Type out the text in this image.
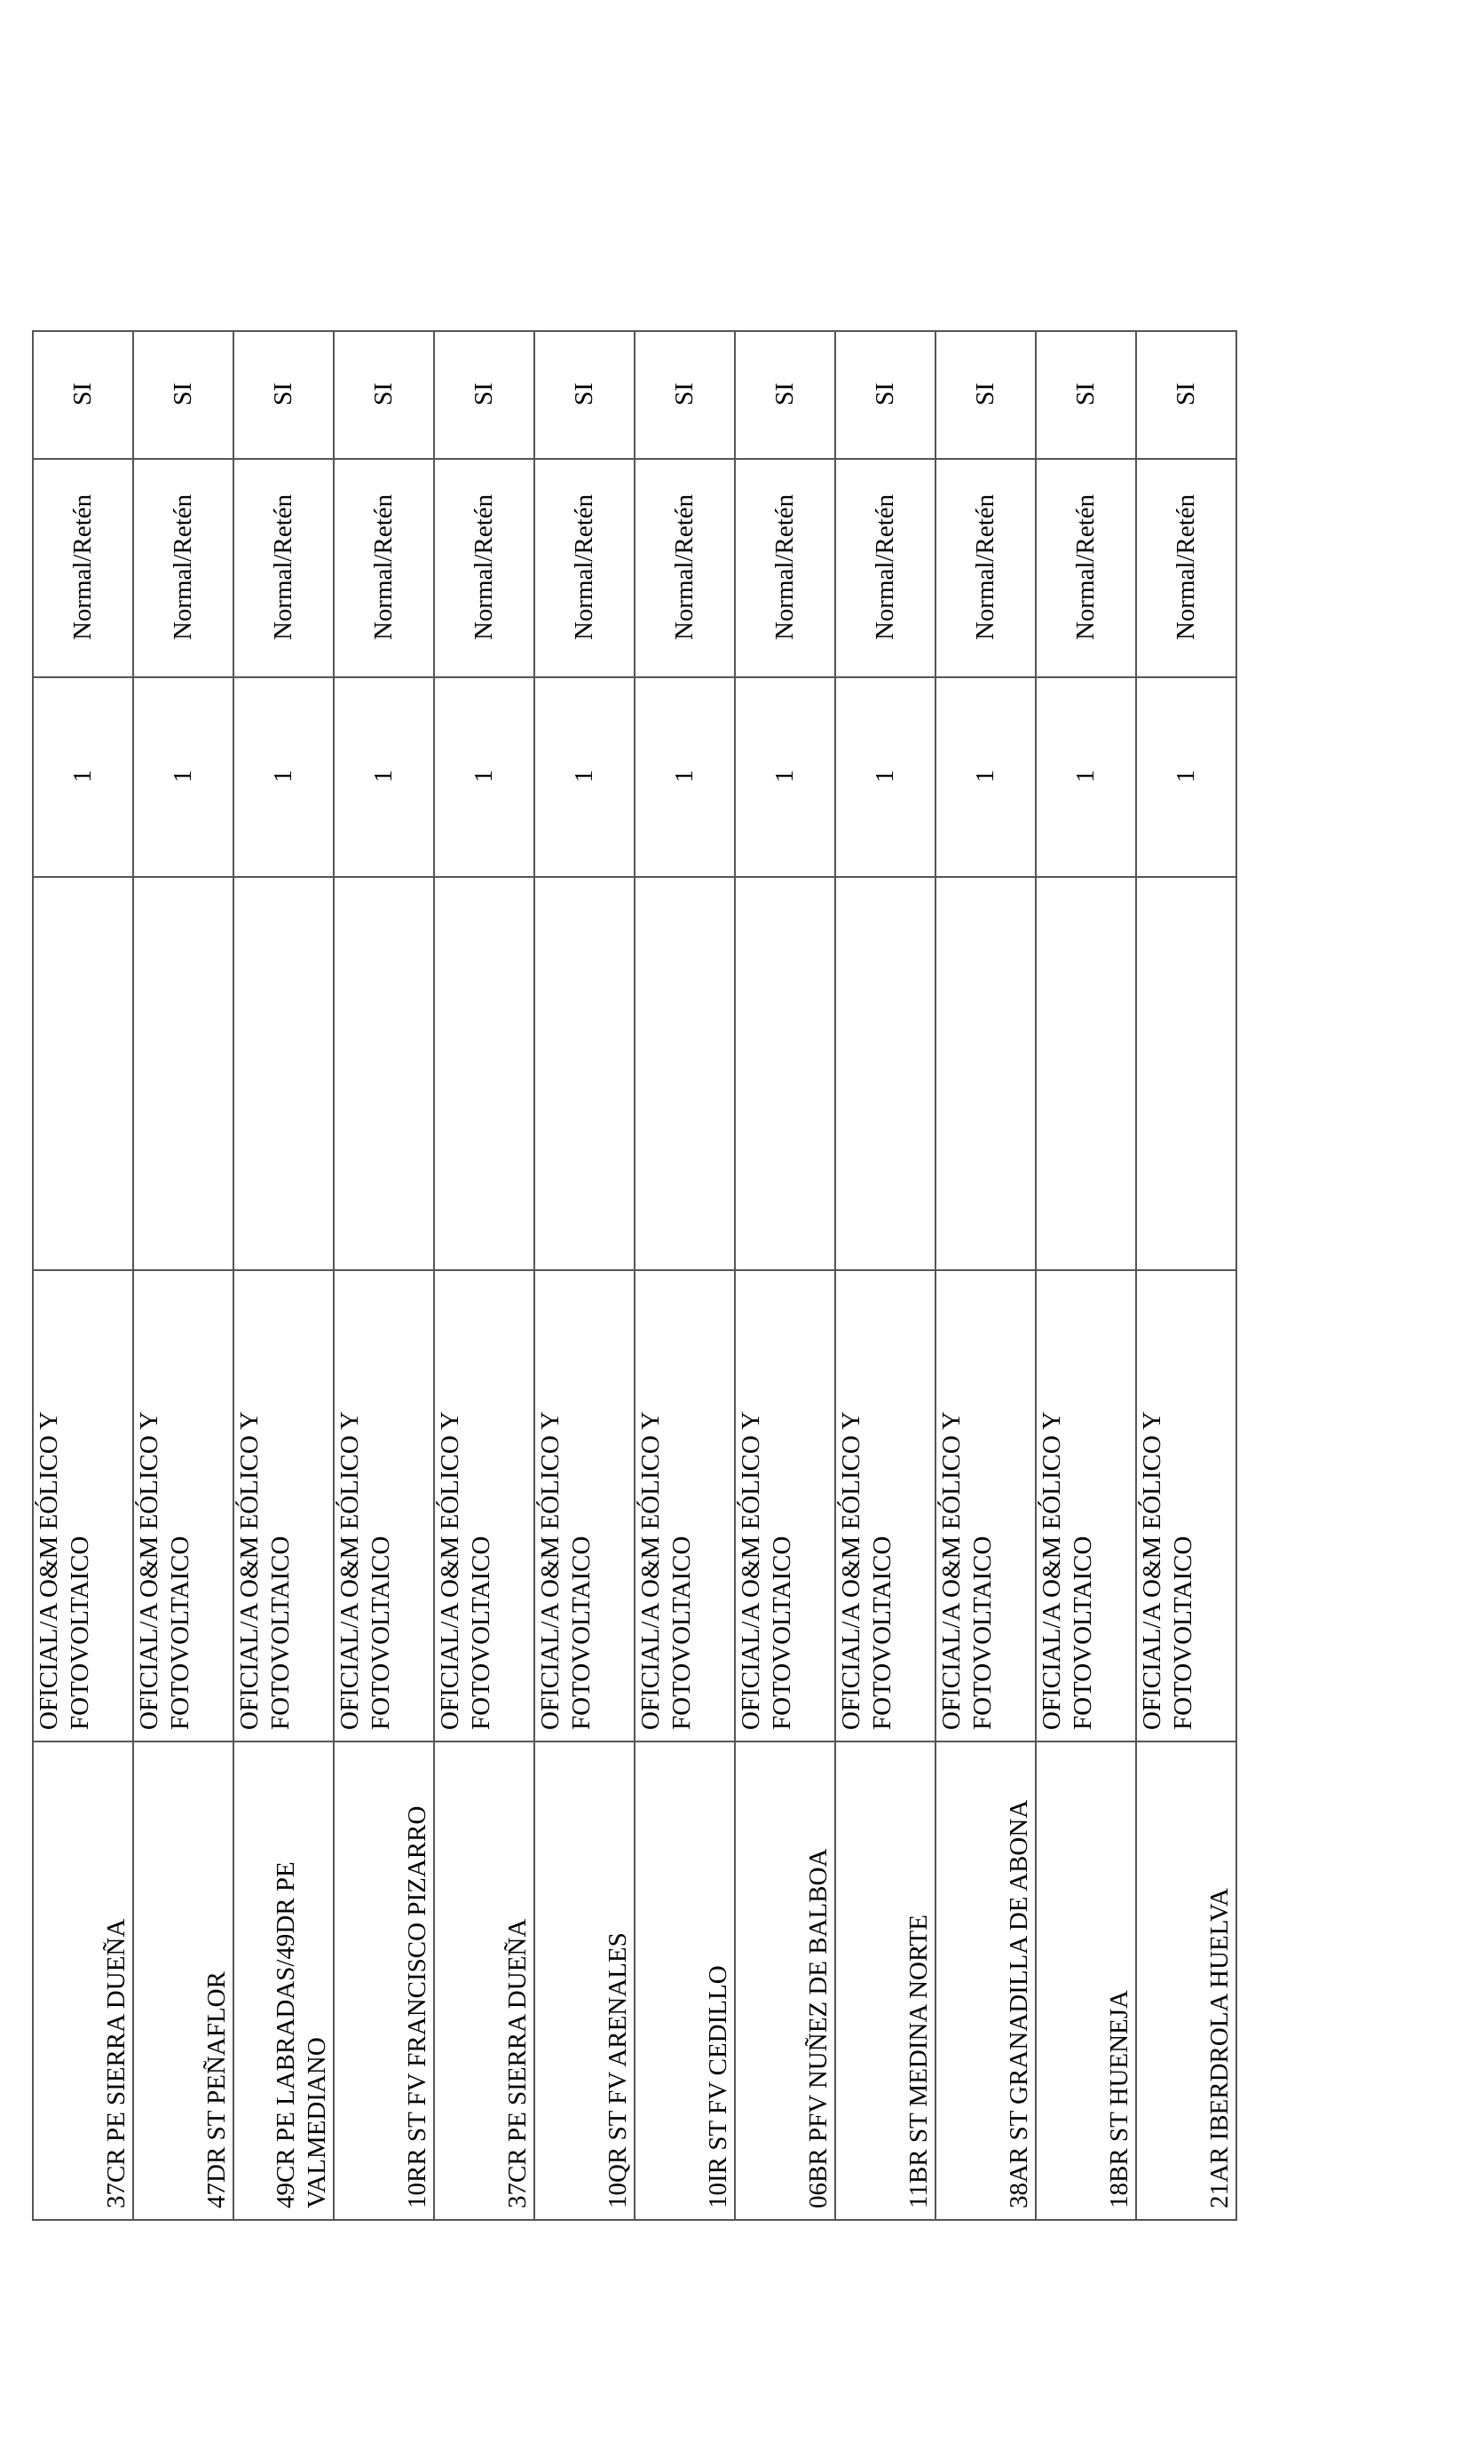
37CR PE SIERRA DUEÑA	OFICIAL/A O&M EÓLICO Y FOTOVOLTAICO		1	Normal/Retén	SI
47DR ST PEÑAFLOR	OFICIAL/A O&M EÓLICO Y FOTOVOLTAICO		1	Normal/Retén	SI
49CR PE LABRADAS/49DR PE VALMEDIANO	OFICIAL/A O&M EÓLICO Y FOTOVOLTAICO		1	Normal/Retén	SI
10RR ST FV FRANCISCO PIZARRO	OFICIAL/A O&M EÓLICO Y FOTOVOLTAICO		1	Normal/Retén	SI
37CR PE SIERRA DUEÑA	OFICIAL/A O&M EÓLICO Y FOTOVOLTAICO		1	Normal/Retén	SI
10QR ST FV ARENALES	OFICIAL/A O&M EÓLICO Y FOTOVOLTAICO		1	Normal/Retén	SI
10IR ST FV CEDILLO	OFICIAL/A O&M EÓLICO Y FOTOVOLTAICO		1	Normal/Retén	SI
06BR PFV NUÑEZ DE BALBOA	OFICIAL/A O&M EÓLICO Y FOTOVOLTAICO		1	Normal/Retén	SI
11BR ST MEDINA NORTE	OFICIAL/A O&M EÓLICO Y FOTOVOLTAICO		1	Normal/Retén	SI
38AR ST GRANADILLA DE ABONA	OFICIAL/A O&M EÓLICO Y FOTOVOLTAICO		1	Normal/Retén	SI
18BR ST HUENEJA	OFICIAL/A O&M EÓLICO Y FOTOVOLTAICO		1	Normal/Retén	SI
21AR IBERDROLA HUELVA	OFICIAL/A O&M EÓLICO Y FOTOVOLTAICO		1	Normal/Retén	SI
